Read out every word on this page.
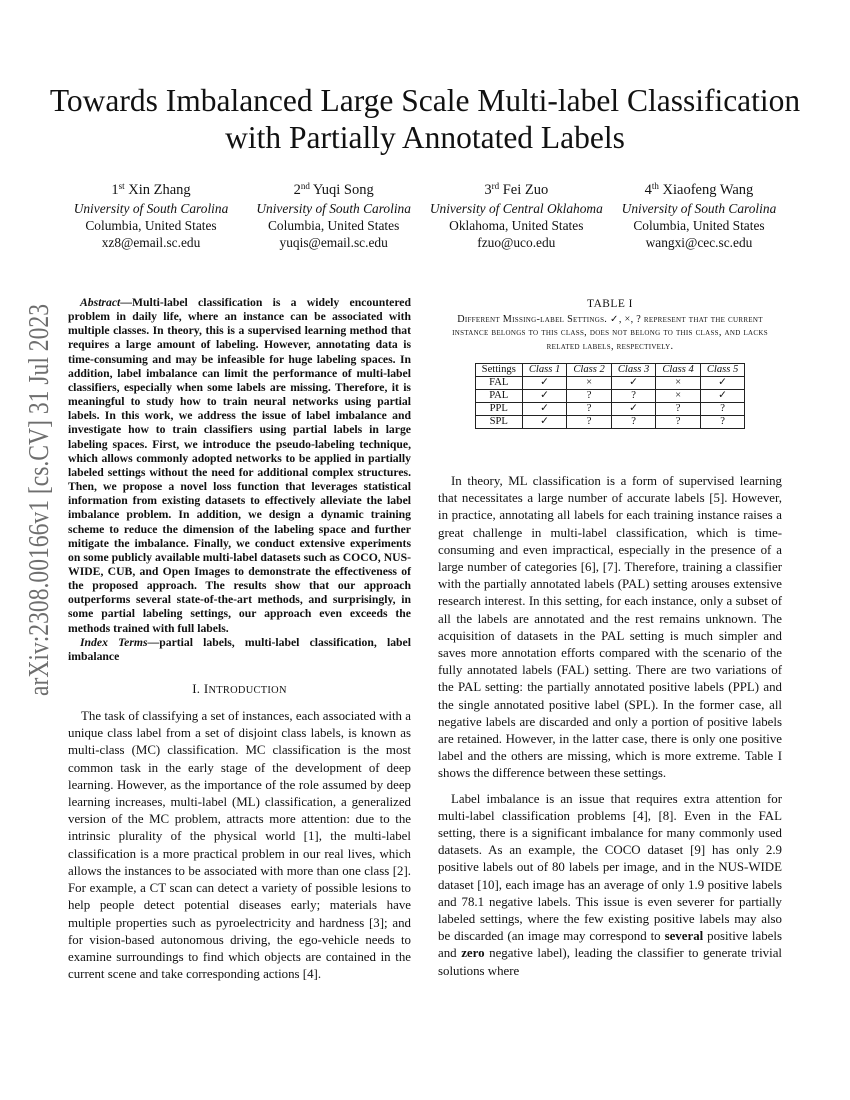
arXiv:2308.00166v1 [cs.CV] 31 Jul 2023
Towards Imbalanced Large Scale Multi-label Classification with Partially Annotated Labels
1st Xin Zhang
University of South Carolina
Columbia, United States
xz8@email.sc.edu
2nd Yuqi Song
University of South Carolina
Columbia, United States
yuqis@email.sc.edu
3rd Fei Zuo
University of Central Oklahoma
Oklahoma, United States
fzuo@uco.edu
4th Xiaofeng Wang
University of South Carolina
Columbia, United States
wangxi@cec.sc.edu

Abstract—Multi-label classification is a widely encountered problem in daily life, where an instance can be associated with multiple classes. In theory, this is a supervised learning method that requires a large amount of labeling. However, annotating data is time-consuming and may be infeasible for huge labeling spaces. In addition, label imbalance can limit the performance of multi-label classifiers, especially when some labels are missing. Therefore, it is meaningful to study how to train neural networks using partial labels. In this work, we address the issue of label imbalance and investigate how to train classifiers using partial labels in large labeling spaces. First, we introduce the pseudo-labeling technique, which allows commonly adopted networks to be applied in partially labeled settings without the need for additional complex structures. Then, we propose a novel loss function that leverages statistical information from existing datasets to effectively alleviate the label imbalance problem. In addition, we design a dynamic training scheme to reduce the dimension of the labeling space and further mitigate the imbalance. Finally, we conduct extensive experiments on some publicly available multi-label datasets such as COCO, NUS-WIDE, CUB, and Open Images to demonstrate the effectiveness of the proposed approach. The results show that our approach outperforms several state-of-the-art methods, and surprisingly, in some partial labeling settings, our approach even exceeds the methods trained with full labels.

Index Terms—partial labels, multi-label classification, label imbalance

I. INTRODUCTION

The task of classifying a set of instances, each associated with a unique class label from a set of disjoint class labels, is known as multi-class (MC) classification. MC classification is the most common task in the early stage of the development of deep learning. However, as the importance of the role assumed by deep learning increases, multi-label (ML) classification, a generalized version of the MC problem, attracts more attention: due to the intrinsic plurality of the physical world [1], the multi-label classification is a more practical problem in our real lives, which allows the instances to be associated with more than one class [2]. For example, a CT scan can detect a variety of possible lesions to help people detect potential diseases early; materials have multiple properties such as pyroelectricity and hardness [3]; and for vision-based autonomous driving, the ego-vehicle needs to examine surroundings to find which objects are contained in the current scene and take corresponding actions [4].

TABLE I

Different Missing-label Settings. ✓, ×, ? represent that the current instance belongs to this class, does not belong to this class, and lacks related labels, respectively.

Settings	Class 1	Class 2	Class 3	Class 4	Class 5
FAL	✓	×	✓	×	✓
PAL	✓	?	?	×	✓
PPL	✓	?	✓	?	?
SPL	✓	?	?	?	?

In theory, ML classification is a form of supervised learning that necessitates a large number of accurate labels [5]. However, in practice, annotating all labels for each training instance raises a great challenge in multi-label classification, which is time-consuming and even impractical, especially in the presence of a large number of categories [6], [7]. Therefore, training a classifier with the partially annotated labels (PAL) setting arouses extensive research interest. In this setting, for each instance, only a subset of all the labels are annotated and the rest remains unknown. The acquisition of datasets in the PAL setting is much simpler and saves more annotation efforts compared with the scenario of the fully annotated labels (FAL) setting. There are two variations of the PAL setting: the partially annotated positive labels (PPL) and the single annotated positive label (SPL). In the former case, all negative labels are discarded and only a portion of positive labels are retained. However, in the latter case, there is only one positive label and the others are missing, which is more extreme. Table I shows the difference between these settings.

Label imbalance is an issue that requires extra attention for multi-label classification problems [4], [8]. Even in the FAL setting, there is a significant imbalance for many commonly used datasets. As an example, the COCO dataset [9] has only 2.9 positive labels out of 80 labels per image, and in the NUS-WIDE dataset [10], each image has an average of only 1.9 positive labels and 78.1 negative labels. This issue is even severer for partially labeled settings, where the few existing positive labels may also be discarded (an image may correspond to several positive labels and zero negative label), leading the classifier to generate trivial solutions where
